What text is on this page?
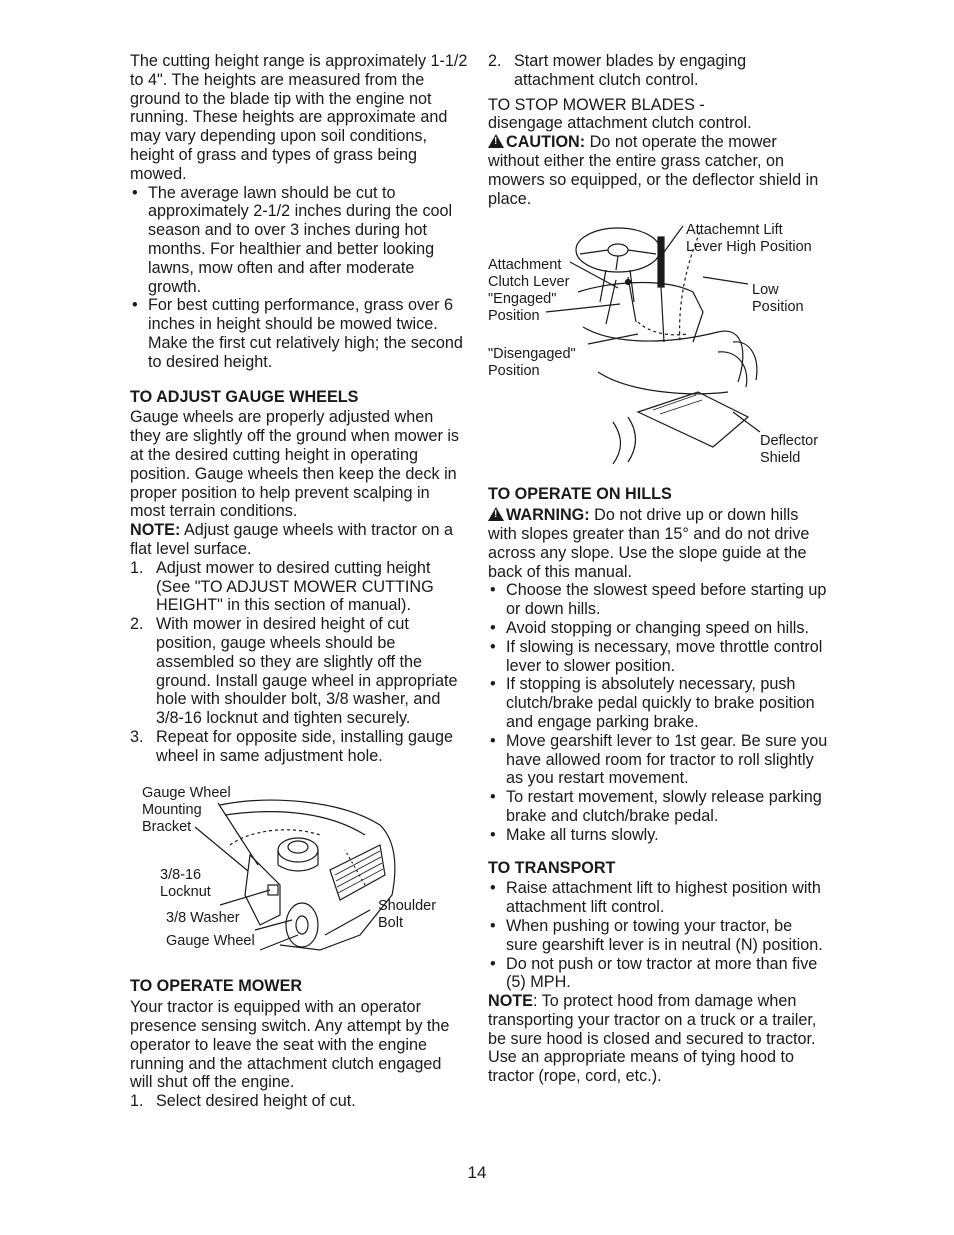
The cutting height range is approximately 1-1/2 to 4". The heights are measured from the ground to the blade tip with the engine not running. These heights are approximate and may vary depending upon soil conditions, height of grass and types of grass being mowed.

• The average lawn should be cut to approximately 2-1/2 inches during the cool season and to over 3 inches during hot months. For healthier and better looking lawns, mow often and after moderate growth.
• For best cutting performance, grass over 6 inches in height should be mowed twice. Make the first cut relatively high; the second to desired height.

TO ADJUST GAUGE WHEELS

Gauge wheels are properly adjusted when they are slightly off the ground when mower is at the desired cutting height in operating position. Gauge wheels then keep the deck in proper position to help prevent scalping in most terrain conditions.

NOTE: Adjust gauge wheels with tractor on a flat level surface.

1. Adjust mower to desired cutting height (See "TO ADJUST MOWER CUTTING HEIGHT" in this section of manual).
2. With mower in desired height of cut position, gauge wheels should be assembled so they are slightly off the ground. Install gauge wheel in appropriate hole with shoulder bolt, 3/8 washer, and 3/8-16 locknut and tighten securely.
3. Repeat for opposite side, installing gauge wheel in same adjustment hole.
Gauge Wheel
Mounting
Bracket
3/8-16
Locknut
3/8 Washer
Gauge Wheel
Shoulder
Bolt

TO OPERATE MOWER

Your tractor is equipped with an operator presence sensing switch. Any attempt by the operator to leave the seat with the engine running and the attachment clutch engaged will shut off the engine.

1. Select desired height of cut.
2. Start mower blades by engaging attachment clutch control.

TO STOP MOWER BLADES -

disengage attachment clutch control.

!CAUTION: Do not operate the mower without either the entire grass catcher, on mowers so equipped, or the deflector shield in place.

Attachemnt Lift
Lever High Position
Attachment
Clutch Lever
"Engaged"
Position
Low
Position
"Disengaged"
Position
Deflector
Shield

TO OPERATE ON HILLS

!WARNING: Do not drive up or down hills with slopes greater than 15° and do not drive across any slope. Use the slope guide at the back of this manual.

• Choose the slowest speed before starting up or down hills.
• Avoid stopping or changing speed on hills.
• If slowing is necessary, move throttle control lever to slower position.
• If stopping is absolutely necessary, push clutch/brake pedal quickly to brake position and engage parking brake.
• Move gearshift lever to 1st gear. Be sure you have allowed room for tractor to roll slightly as you restart movement.
• To restart movement, slowly release parking brake and clutch/brake pedal.
• Make all turns slowly.

TO TRANSPORT

• Raise attachment lift to highest position with attachment lift control.
• When pushing or towing your tractor, be sure gearshift lever is in neutral (N) position.
• Do not push or tow tractor at more than five (5) MPH.

NOTE: To protect hood from damage when transporting your tractor on a truck or a trailer, be sure hood is closed and secured to tractor. Use an appropriate means of tying hood to tractor (rope, cord, etc.).

14
